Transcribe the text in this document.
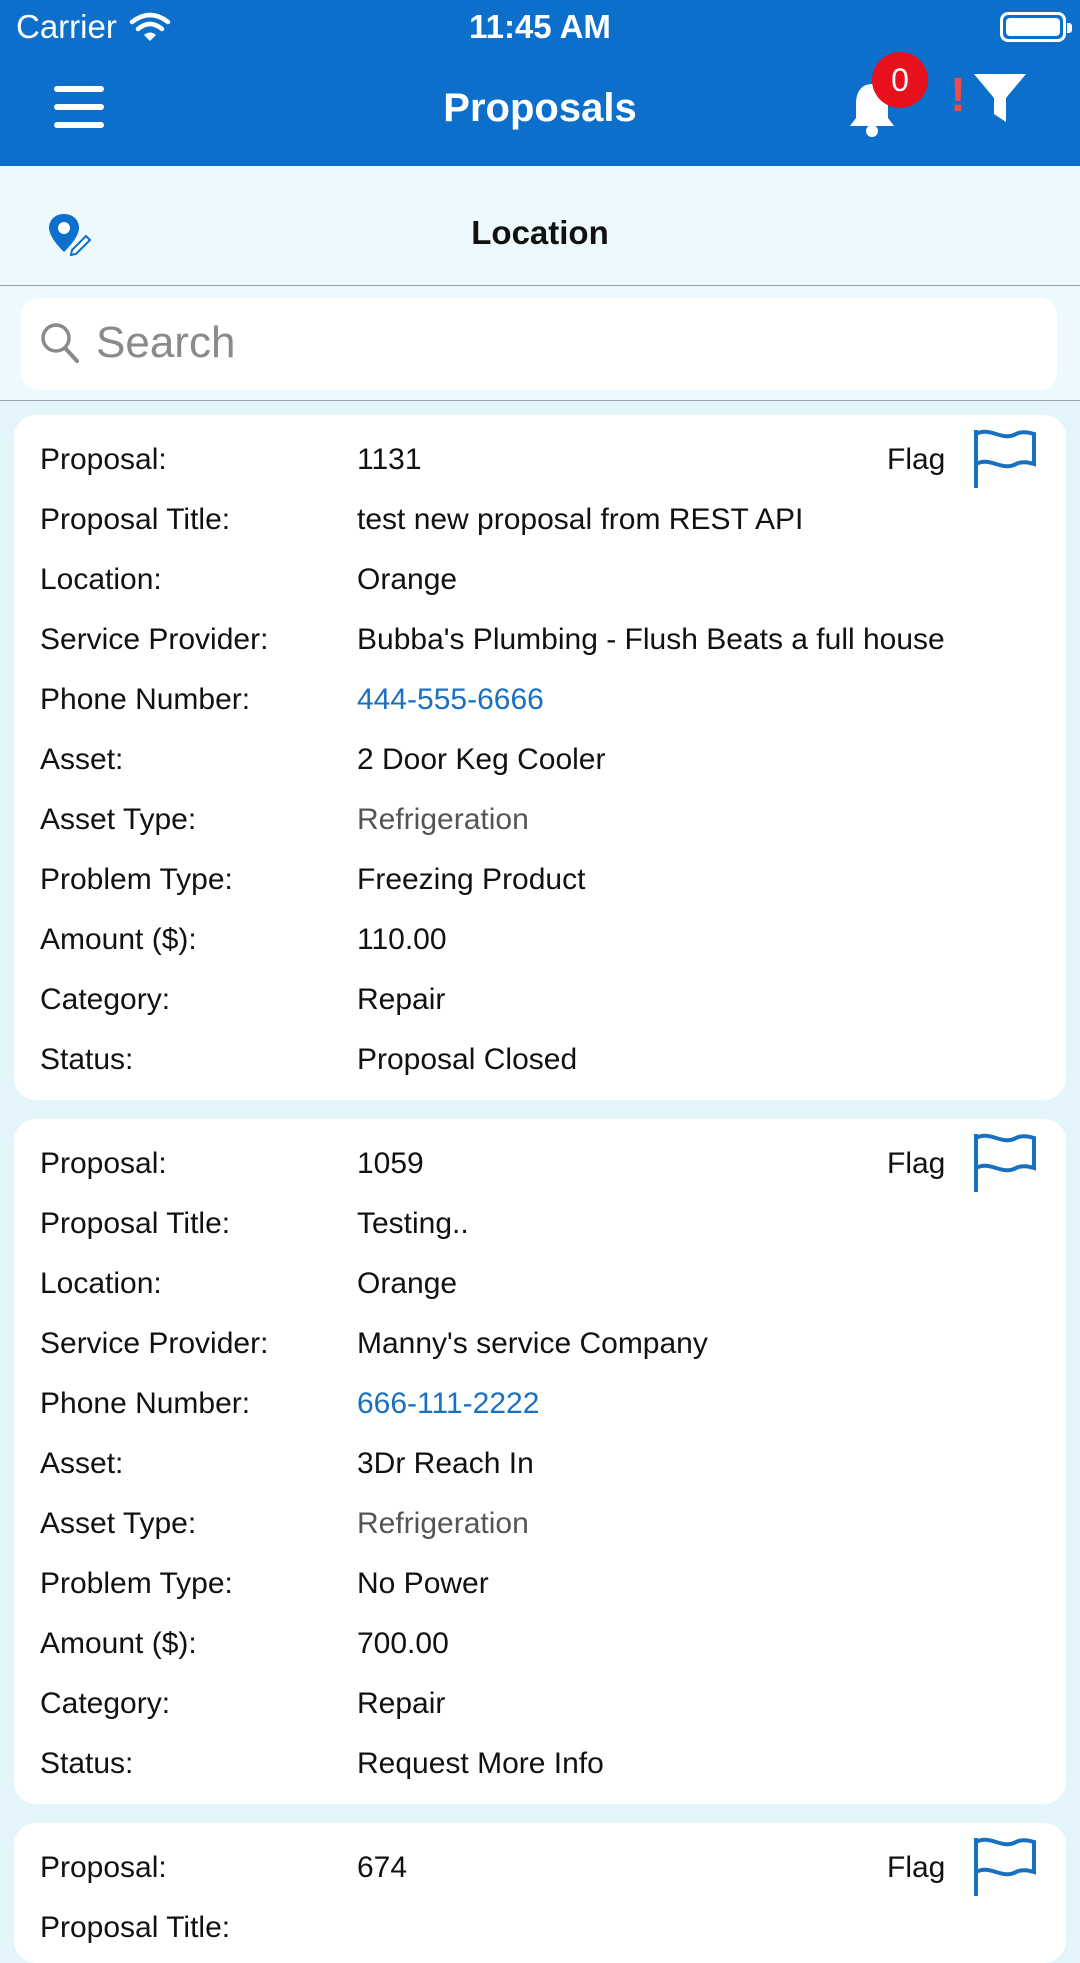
Carrier	11:45 AM
Proposals
0 !
Location
Search
Proposal:	1131	Flag
Proposal Title:	test new proposal from REST API
Location:	Orange
Service Provider:	Bubba's Plumbing - Flush Beats a full house
Phone Number:	444-555-6666
Asset:	2 Door Keg Cooler
Asset Type:	Refrigeration
Problem Type:	Freezing Product
Amount ($):	110.00
Category:	Repair
Status:	Proposal Closed
Proposal:	1059	Flag
Proposal Title:	Testing..
Location:	Orange
Service Provider:	Manny's service Company
Phone Number:	666-111-2222
Asset:	3Dr Reach In
Asset Type:	Refrigeration
Problem Type:	No Power
Amount ($):	700.00
Category:	Repair
Status:	Request More Info
Proposal:	674	Flag
Proposal Title:
